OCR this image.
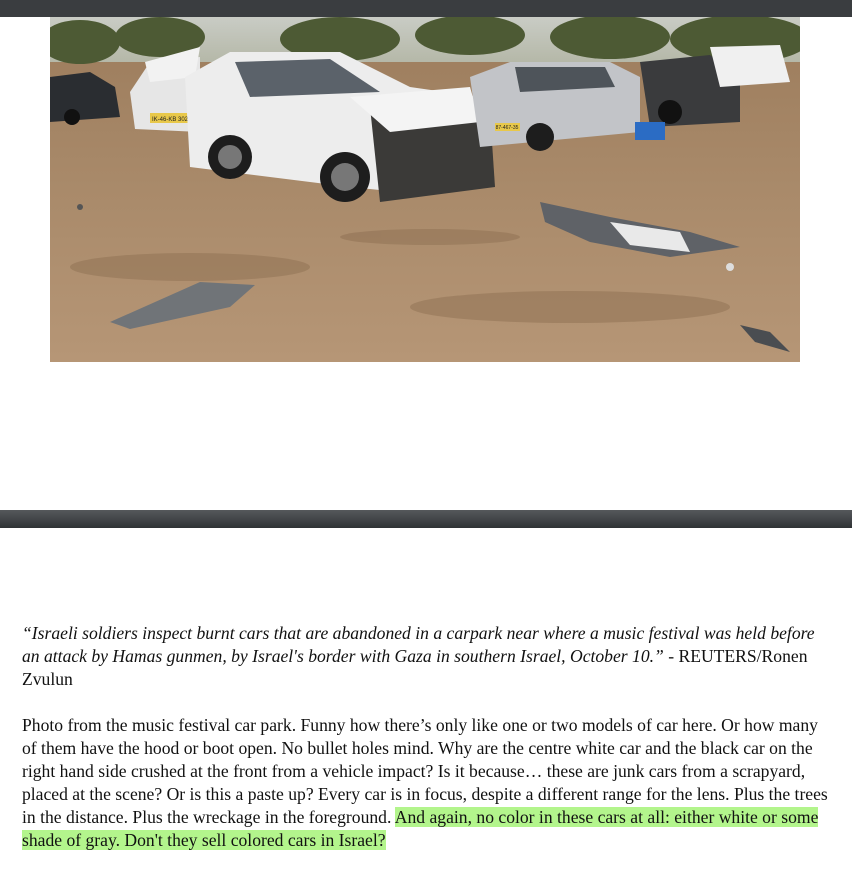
ΙΚ-46-ΚΒ 302
87-467-35

“Israeli soldiers inspect burnt cars that are abandoned in a carpark near where a music festival was held before an attack by Hamas gunmen, by Israel's border with Gaza in southern Israel, October 10.” - REUTERS/Ronen Zvulun

Photo from the music festival car park. Funny how there’s only like one or two models of car here. Or how many of them have the hood or boot open. No bullet holes mind. Why are the centre white car and the black car on the right hand side crushed at the front from a vehicle impact? Is it because… these are junk cars from a scrapyard, placed at the scene? Or is this a paste up? Every car is in focus, despite a different range for the lens. Plus the trees in the distance. Plus the wreckage in the foreground. And again, no color in these cars at all: either white or some shade of gray. Don't they sell colored cars in Israel?
